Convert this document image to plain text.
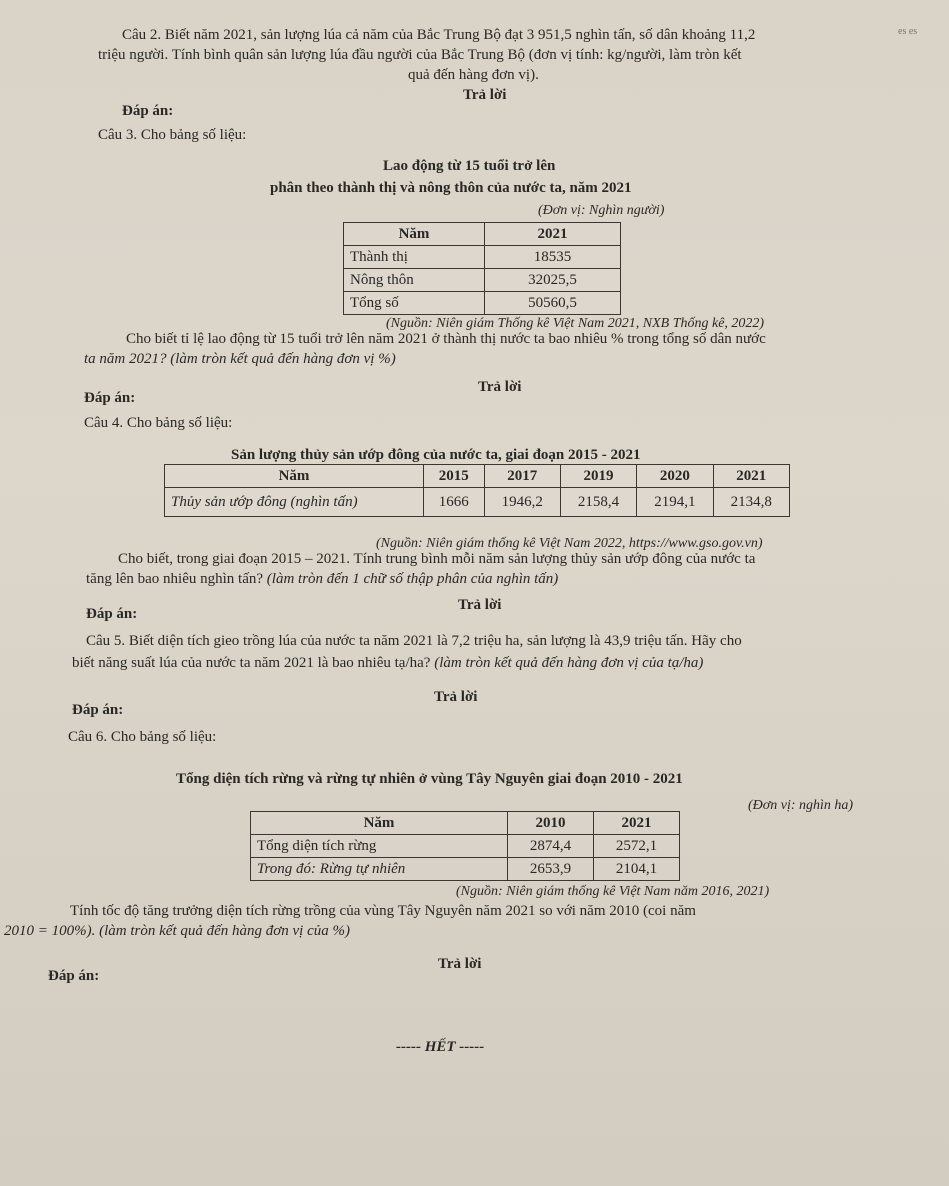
es es
Câu 2. Biết năm 2021, sản lượng lúa cả năm của Bắc Trung Bộ đạt 3 951,5 nghìn tấn, số dân khoảng 11,2
triệu người. Tính bình quân sản lượng lúa đầu người của Bắc Trung Bộ (đơn vị tính: kg/người, làm tròn kết
quả đến hàng đơn vị).
Trả lời
Đáp án:
Câu 3. Cho bảng số liệu:
Lao động từ 15 tuổi trở lên
phân theo thành thị và nông thôn của nước ta, năm 2021
(Đơn vị: Nghìn người)
Năm	2021
Thành thị	18535
Nông thôn	32025,5
Tổng số	50560,5
(Nguồn: Niên giám Thống kê Việt Nam 2021, NXB Thống kê, 2022)
Cho biết tỉ lệ lao động từ 15 tuổi trở lên năm 2021 ở thành thị nước ta bao nhiêu % trong tổng số dân nước
ta năm 2021? (làm tròn kết quả đến hàng đơn vị %)
Trả lời
Đáp án:
Câu 4. Cho bảng số liệu:
Sản lượng thủy sản ướp đông của nước ta, giai đoạn 2015 - 2021
Năm	2015	2017	2019	2020	2021
Thủy sản ướp đông (nghìn tấn)	1666	1946,2	2158,4	2194,1	2134,8
(Nguồn: Niên giám thống kê Việt Nam 2022, https://www.gso.gov.vn)
Cho biết, trong giai đoạn 2015 – 2021. Tính trung bình mỗi năm sản lượng thủy sản ướp đông của nước ta
tăng lên bao nhiêu nghìn tấn? (làm tròn đến 1 chữ số thập phân của nghìn tấn)
Trả lời
Đáp án:
Câu 5. Biết diện tích gieo trồng lúa của nước ta năm 2021 là 7,2 triệu ha, sản lượng là 43,9 triệu tấn. Hãy cho
biết năng suất lúa của nước ta năm 2021 là bao nhiêu tạ/ha? (làm tròn kết quả đến hàng đơn vị của tạ/ha)
Trả lời
Đáp án:
Câu 6. Cho bảng số liệu:
Tổng diện tích rừng và rừng tự nhiên ở vùng Tây Nguyên giai đoạn 2010 - 2021
(Đơn vị: nghìn ha)
Năm	2010	2021
Tổng diện tích rừng	2874,4	2572,1
Trong đó: Rừng tự nhiên	2653,9	2104,1
(Nguồn: Niên giám thống kê Việt Nam năm 2016, 2021)
Tính tốc độ tăng trưởng diện tích rừng trồng của vùng Tây Nguyên năm 2021 so với năm 2010 (coi năm
2010 = 100%). (làm tròn kết quả đến hàng đơn vị của %)
Trả lời
Đáp án:
----- HẾT -----
